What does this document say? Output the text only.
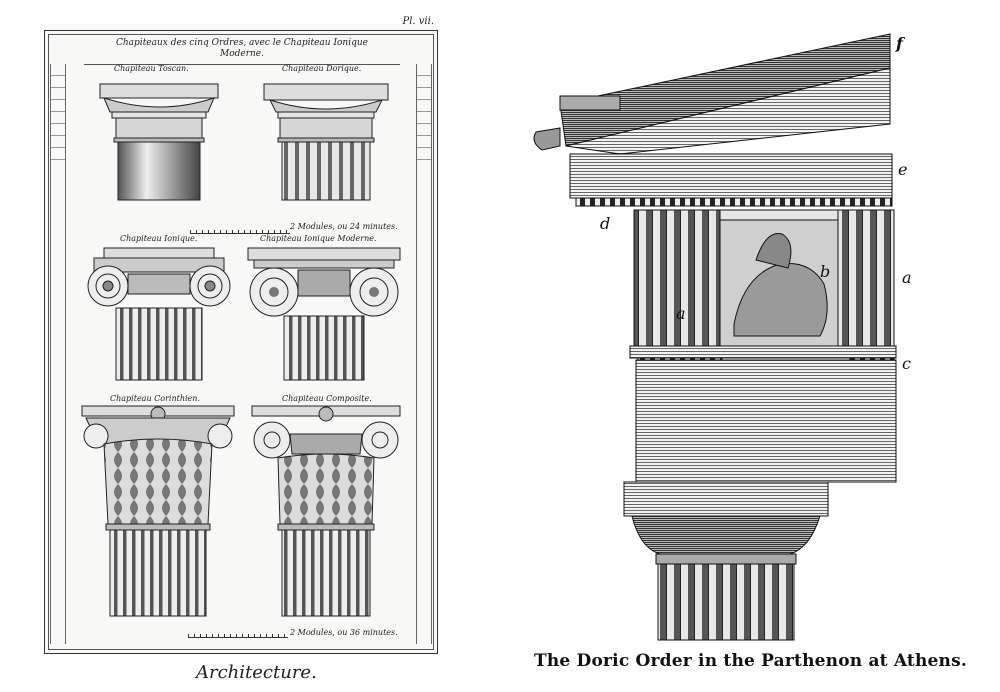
Pl. vii.
Chapiteaux des cinq Ordres, avec le Chapiteau Ionique
Moderne.
Chapiteau Toscan.	Chapiteau Dorique.
2 Modules, ou 24 minutes.
Chapiteau Ionique.	Chapiteau Ionique Moderne.
Chapiteau Corinthien.	Chapiteau Composite.
2 Modules, ou 36 minutes.
Architecture.
f
e
d
b	a
a
c
The Doric Order in the Parthenon at Athens.
